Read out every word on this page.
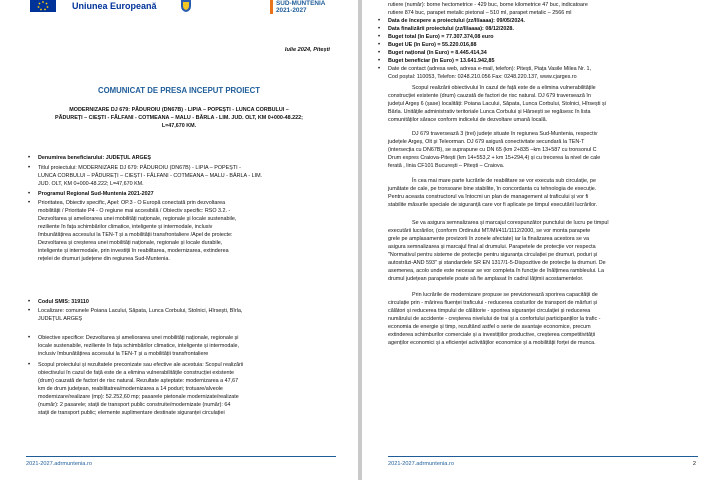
Uniunea Europeană	SUD-MUNTENIA
2021-2027
Iulie 2024, Pitești
COMUNICAT DE PRESA INCEPUT PROIECT
MODERNIZARE DJ 679: PĂDUROIU (DN67B) - LIPIA – POPEȘTI - LUNCA CORBULUI –
PĂDUREȚI – CIEȘTI - FĂLFANI - COTMEANA – MALU - BÂRLA - LIM. JUD. OLT, KM 0+000-48.222;
L=47,670 KM.
•
•
•
•
•
•
•
•
Denumirea beneficiarului: JUDEȚUL ARGEȘ
Titlul proiectului: MODERNIZARE DJ 679: PĂDUROIU (DN67B) - LIPIA – POPEȘTI -
LUNCA CORBULUI – PĂDUREȚI – CIEȘTI - FĂLFANI - COTMEANA – MALU - BÂRLA - LIM.
JUD. OLT, KM 0+000-48.222; L=47,670 KM.
Programul Regional Sud-Muntenia 2021-2027
Prioritatea, Obiectiv specific, Apel: OP.3 - O Europă conectată prin dezvoltarea
mobilității / Prioritate P4 - O regiune mai accesibilă / Obiectiv specific: RSO 3.2. -
Dezvoltarea și ameliorarea unei mobilități naționale, regionale și locale sustenabile,
reziliente în fața schimbărilor climatice, inteligente și intermodale, inclusiv
îmbunătățirea accesului la TEN-T și a mobilității transfrontaliere /Apel de proiecte:
Dezvoltarea și creșterea unei mobilități naționale, regionale și locale durabile,
inteligente și intermodale, prin investiții în reabilitarea, modernizarea, extinderea
rețelei de drumuri județene din regiunea Sud-Muntenia.
Codul SMIS: 319110
Localizare: comunele Poiana Lacului, Săpata, Lunca Corbului, Stolnici, Hîrsești, Bîrla,
JUDEȚUL ARGEȘ
Obiective specifice: Dezvoltarea și ameliorarea unei mobilități naționale, regionale și
locale sustenabile, reziliente în fața schimbărilor climatice, inteligente și intermodale,
inclusiv îmbunătățirea accesului la TEN-T și a mobilității transfrontaliere
Scopul proiectului și rezultatele preconizate sau efective ale acestuia: Scopul realizării
obiectivului în cazul de față este de a elimina vulnerabilitățile construcției existente
(drum) cauzată de factori de risc natural. Rezultate așteptate: modernizarea a 47,67
km de drum județean, reabilitatrea/modernizarea a 14 poduri; trotuare/alveole
modernizare/realizare (mp): 52.252,60 mp; pasarele pietonale modernizate/realizate
(număr): 2 pasarele; stații de transport public construite/modernizate (număr): 64
stații de transport public; elemente suplimentare destinate siguranței circulației
2021-2027.adrmuntenia.ro
rutiere (număr): borne hectometrice - 429 buc, borne kilometrice 47 buc, indicatoare
rutiere 874 buc, parapet metalic pietonal – 510 ml, parapet metalic – 2566 ml
•
•
•
•
•
•
•
Data de începere a proiectului (zz/ll/aaaa): 09/05/2024.
Data finalizării proiectului (zz/ll/aaaa): 08/12/2028.
Buget total (în Euro) = 77.307.374,08 euro
Buget UE (în Euro) = 55.220.016,88
Buget național (în Euro) = 8.445.414,34
Buget beneficiar (în Euro) = 13.641.942,85
Date de contact (adresa web, adresa e-mail, telefon): Pitești, Piața Vasile Milea Nr. 1,
Cod poștal: 110053, Telefon: 0248.210.056 Fax: 0248.220.137, www.cjarges.ro
Scopul realizării obiectivului în cazul de față este de a elimina vulnerabilitățile
construcției existente (drum) cauzată de factori de risc natural. DJ 679 traversează în
județul Argeș 6 (șase) localități: Poiana Lacului, Săpata, Lunca Corbului, Stolnici, Hîrsești și
Bârla. Unitățile administrativ teritoriale Lunca Corbului și Hârsești se regăsesc în lista
comunităților sărace conform indicelui de dezvoltare umană locală.
DJ 679 traversează 3 (trei) județe situate în regiunea Sud-Muntenia, respectiv
județele Argeș, Olt și Teleorman. DJ 679 asigură conectivitate secundară la TEN-T
(intersecția cu DN67B), se suprapune cu DN 65 (km 2+835 –km 13+587 cu tronsonul C
Drum expres Craiova-Pitești (km 14+553,2 + km 15+294,4) și cu trecerea la nivel de cale
ferată , linia CF101 București – Pitești – Craiova.
În cea mai mare parte lucrările de reabilitare se vor executa sub circulație, pe
jumătate de cale, pe tronsoane bine stabilite, în concordanta cu tehnologia de execuție.
Pentru aceasta constructorul va întocmi un plan de management al traficului și vor fi
stabilite măsurile speciale de siguranță care vor fi aplicate pe timpul executării lucrărilor.
Se va asigura semnalizarea și marcajul corespunzător punctului de lucru pe timpul
executării lucrărilor, (conform Ordinului MT/MI/411/1112/2000, se vor monta parapete
grele pe amplasamente provizorii în zonele afectate) iar la finalizarea acestora se va
asigura semnalizarea și marcajul final al drumului. Parapetele de protecție vor respecta
"Normativul pentru sisteme de protecție pentru siguranța circulației pe drumuri, poduri și
autostrăzi-AND 593" și standardele SR EN 1317/1-5-Dispozitive de protecție la drumuri. De
asemenea, acolo unde este necesar se vor completa în funcție de înălțimea rambleului. La
drumul județean parapetele poate să fie amplasat în cadrul lățimii acostamentelor.
Prin lucrările de modernizare propuse se previzionează sporirea capacității de
circulație prin - mărirea fluenței traficului - reducerea costurilor de transport de mărfuri și
călători și reducerea timpului de călătorie - sporirea siguranței circulației și reducerea
numărului de accidente - creșterea nivelului de trai și a confortului participanților la trafic -
economia de energie și timp, rezultând astfel o serie de avantaje economice, precum
extinderea schimburilor comerciale și a investițiilor productive, creșterea competitivității
agenților economici și a eficienței activităților economice și a mobilității forței de munca.
2021-2027.adrmuntenia.ro	2
